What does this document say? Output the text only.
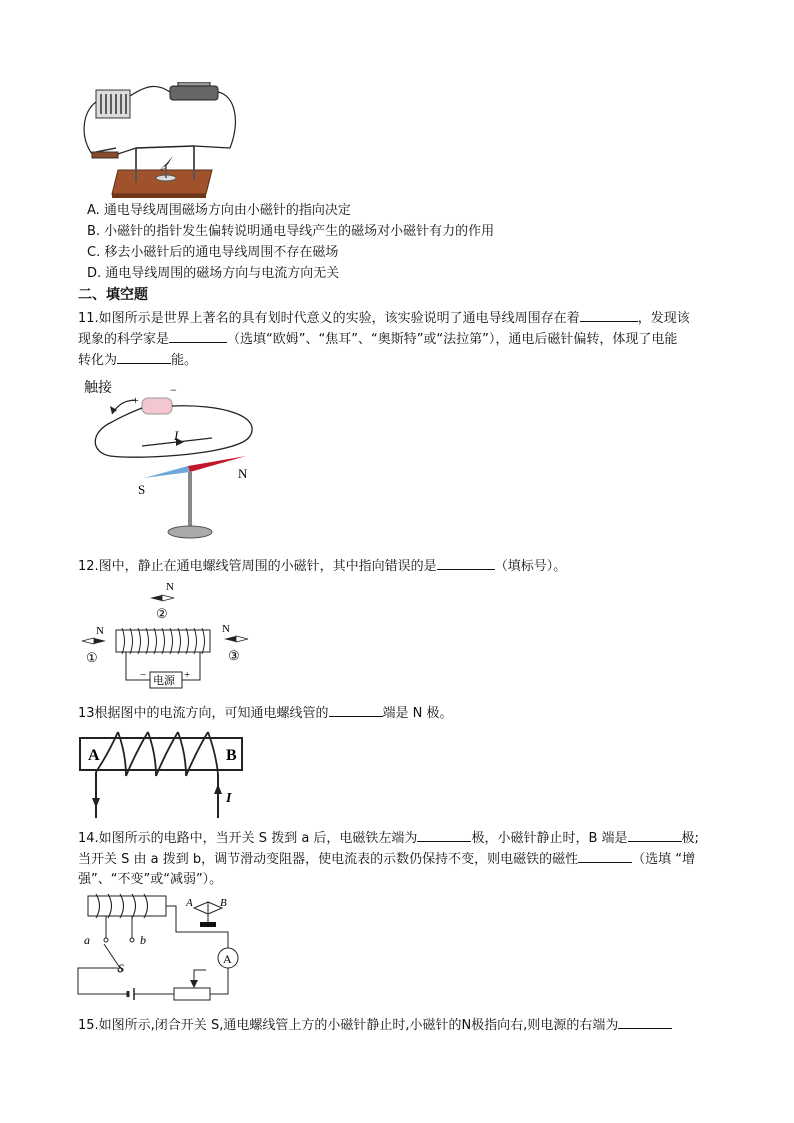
A. 通电导线周围磁场方向由小磁针的指向决定
B. 小磁针的指针发生偏转说明通电导线产生的磁场对小磁针有力的作用
C. 移去小磁针后的通电导线周围不存在磁场
D. 通电导线周围的磁场方向与电流方向无关
二、填空题
11.如图所示是世界上著名的具有划时代意义的实验，该实验说明了通电导线周围存在着	，发现该
现象的科学家是	（选填“欧姆”、“焦耳”、“奥斯特”或“法拉第”），通电后磁针偏转，体现了电能
转化为	能。
触接
+
−
I
S
N
12.图中，静止在通电螺线管周围的小磁针，其中指向错误的是	（填标号）。
N
②
电源
−	+
N
①
N
③
13根据图中的电流方向，可知通电螺线管的	端是 N 极。
A	B
I
14.如图所示的电路中，当开关 S 拨到 a 后，电磁铁左端为	极，小磁针静止时，B 端是	极;
当开关 S 由 a 拨到 b，调节滑动变阻器，使电流表的示数仍保持不变，则电磁铁的磁性	（选填 “增
强”、“不变”或“减弱”）。
A B
a	b
S
A
15.如图所示,闭合开关 S,通电螺线管上方的小磁针静止时,小磁针的N极指向右,则电源的右端为
